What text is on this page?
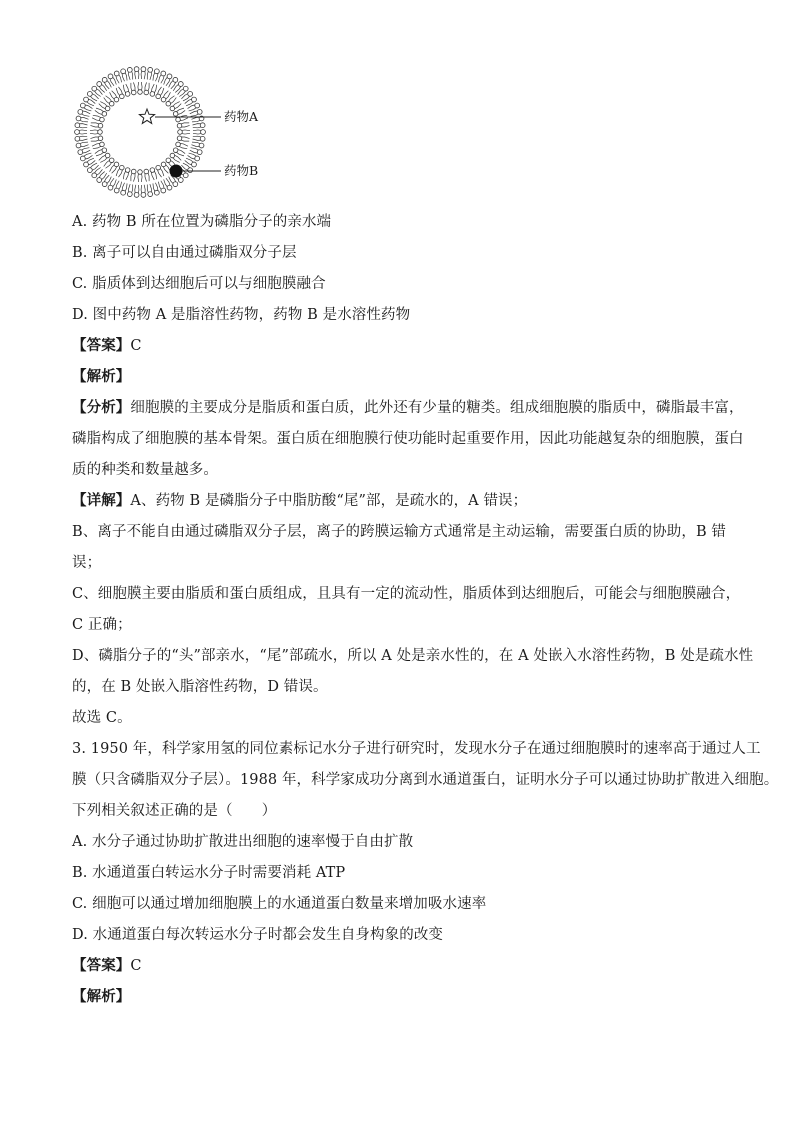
药物A
药物B
A. 药物 B 所在位置为磷脂分子的亲水端
B. 离子可以自由通过磷脂双分子层
C. 脂质体到达细胞后可以与细胞膜融合
D. 图中药物 A 是脂溶性药物，药物 B 是水溶性药物
【答案】C
【解析】
【分析】细胞膜的主要成分是脂质和蛋白质，此外还有少量的糖类。组成细胞膜的脂质中，磷脂最丰富，
磷脂构成了细胞膜的基本骨架。蛋白质在细胞膜行使功能时起重要作用，因此功能越复杂的细胞膜，蛋白
质的种类和数量越多。
【详解】A、药物 B 是磷脂分子中脂肪酸“尾”部，是疏水的，A 错误；
B、离子不能自由通过磷脂双分子层，离子的跨膜运输方式通常是主动运输，需要蛋白质的协助，B 错
误；
C、细胞膜主要由脂质和蛋白质组成，且具有一定的流动性，脂质体到达细胞后，可能会与细胞膜融合，
C 正确；
D、磷脂分子的“头”部亲水，“尾”部疏水，所以 A 处是亲水性的，在 A 处嵌入水溶性药物，B 处是疏水性
的，在 B 处嵌入脂溶性药物，D 错误。
故选 C。
3. 1950 年，科学家用氢的同位素标记水分子进行研究时，发现水分子在通过细胞膜时的速率高于通过人工
膜（只含磷脂双分子层）。1988 年，科学家成功分离到水通道蛋白，证明水分子可以通过协助扩散进入细胞。
下列相关叙述正确的是（　　）
A. 水分子通过协助扩散进出细胞的速率慢于自由扩散
B. 水通道蛋白转运水分子时需要消耗 ATP
C. 细胞可以通过增加细胞膜上的水通道蛋白数量来增加吸水速率
D. 水通道蛋白每次转运水分子时都会发生自身构象的改变
【答案】C
【解析】
